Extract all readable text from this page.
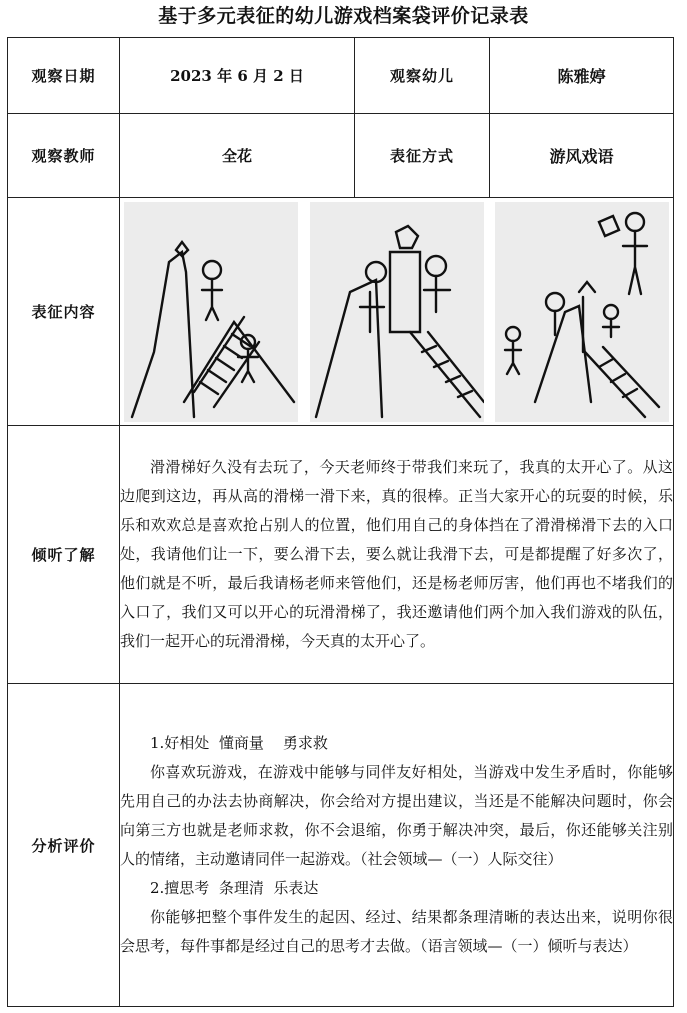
基于多元表征的幼儿游戏档案袋评价记录表
观察日期	2023 年 6 月 2 日	观察幼儿	陈雅婷
观察教师	全花	表征方式	游风戏语
表征内容	

倾听了解	滑滑梯好久没有去玩了，今天老师终于带我们来玩了，我真的太开心了。从这边爬到这边，再从高的滑梯一滑下来，真的很棒。正当大家开心的玩耍的时候，乐乐和欢欢总是喜欢抢占别人的位置，他们用自己的身体挡在了滑滑梯滑下去的入口处，我请他们让一下，要么滑下去，要么就让我滑下去，可是都提醒了好多次了，他们就是不听，最后我请杨老师来管他们，还是杨老师厉害，他们再也不堵我们的入口了，我们又可以开心的玩滑滑梯了，我还邀请他们两个加入我们游戏的队伍，我们一起开心的玩滑滑梯，今天真的太开心了。		

分析评价	1.好相处  懂商量    勇求救

你喜欢玩游戏，在游戏中能够与同伴友好相处，当游戏中发生矛盾时，你能够先用自己的办法去协商解决，你会给对方提出建议，当还是不能解决问题时，你会向第三方也就是老师求救，你不会退缩，你勇于解决冲突，最后，你还能够关注别人的情绪，主动邀请同伴一起游戏。（社会领域—（一）人际交往）

2.擅思考  条理清  乐表达

你能够把整个事件发生的起因、经过、结果都条理清晰的表达出来，说明你很会思考，每件事都是经过自己的思考才去做。（语言领域—（一）倾听与表达）		
